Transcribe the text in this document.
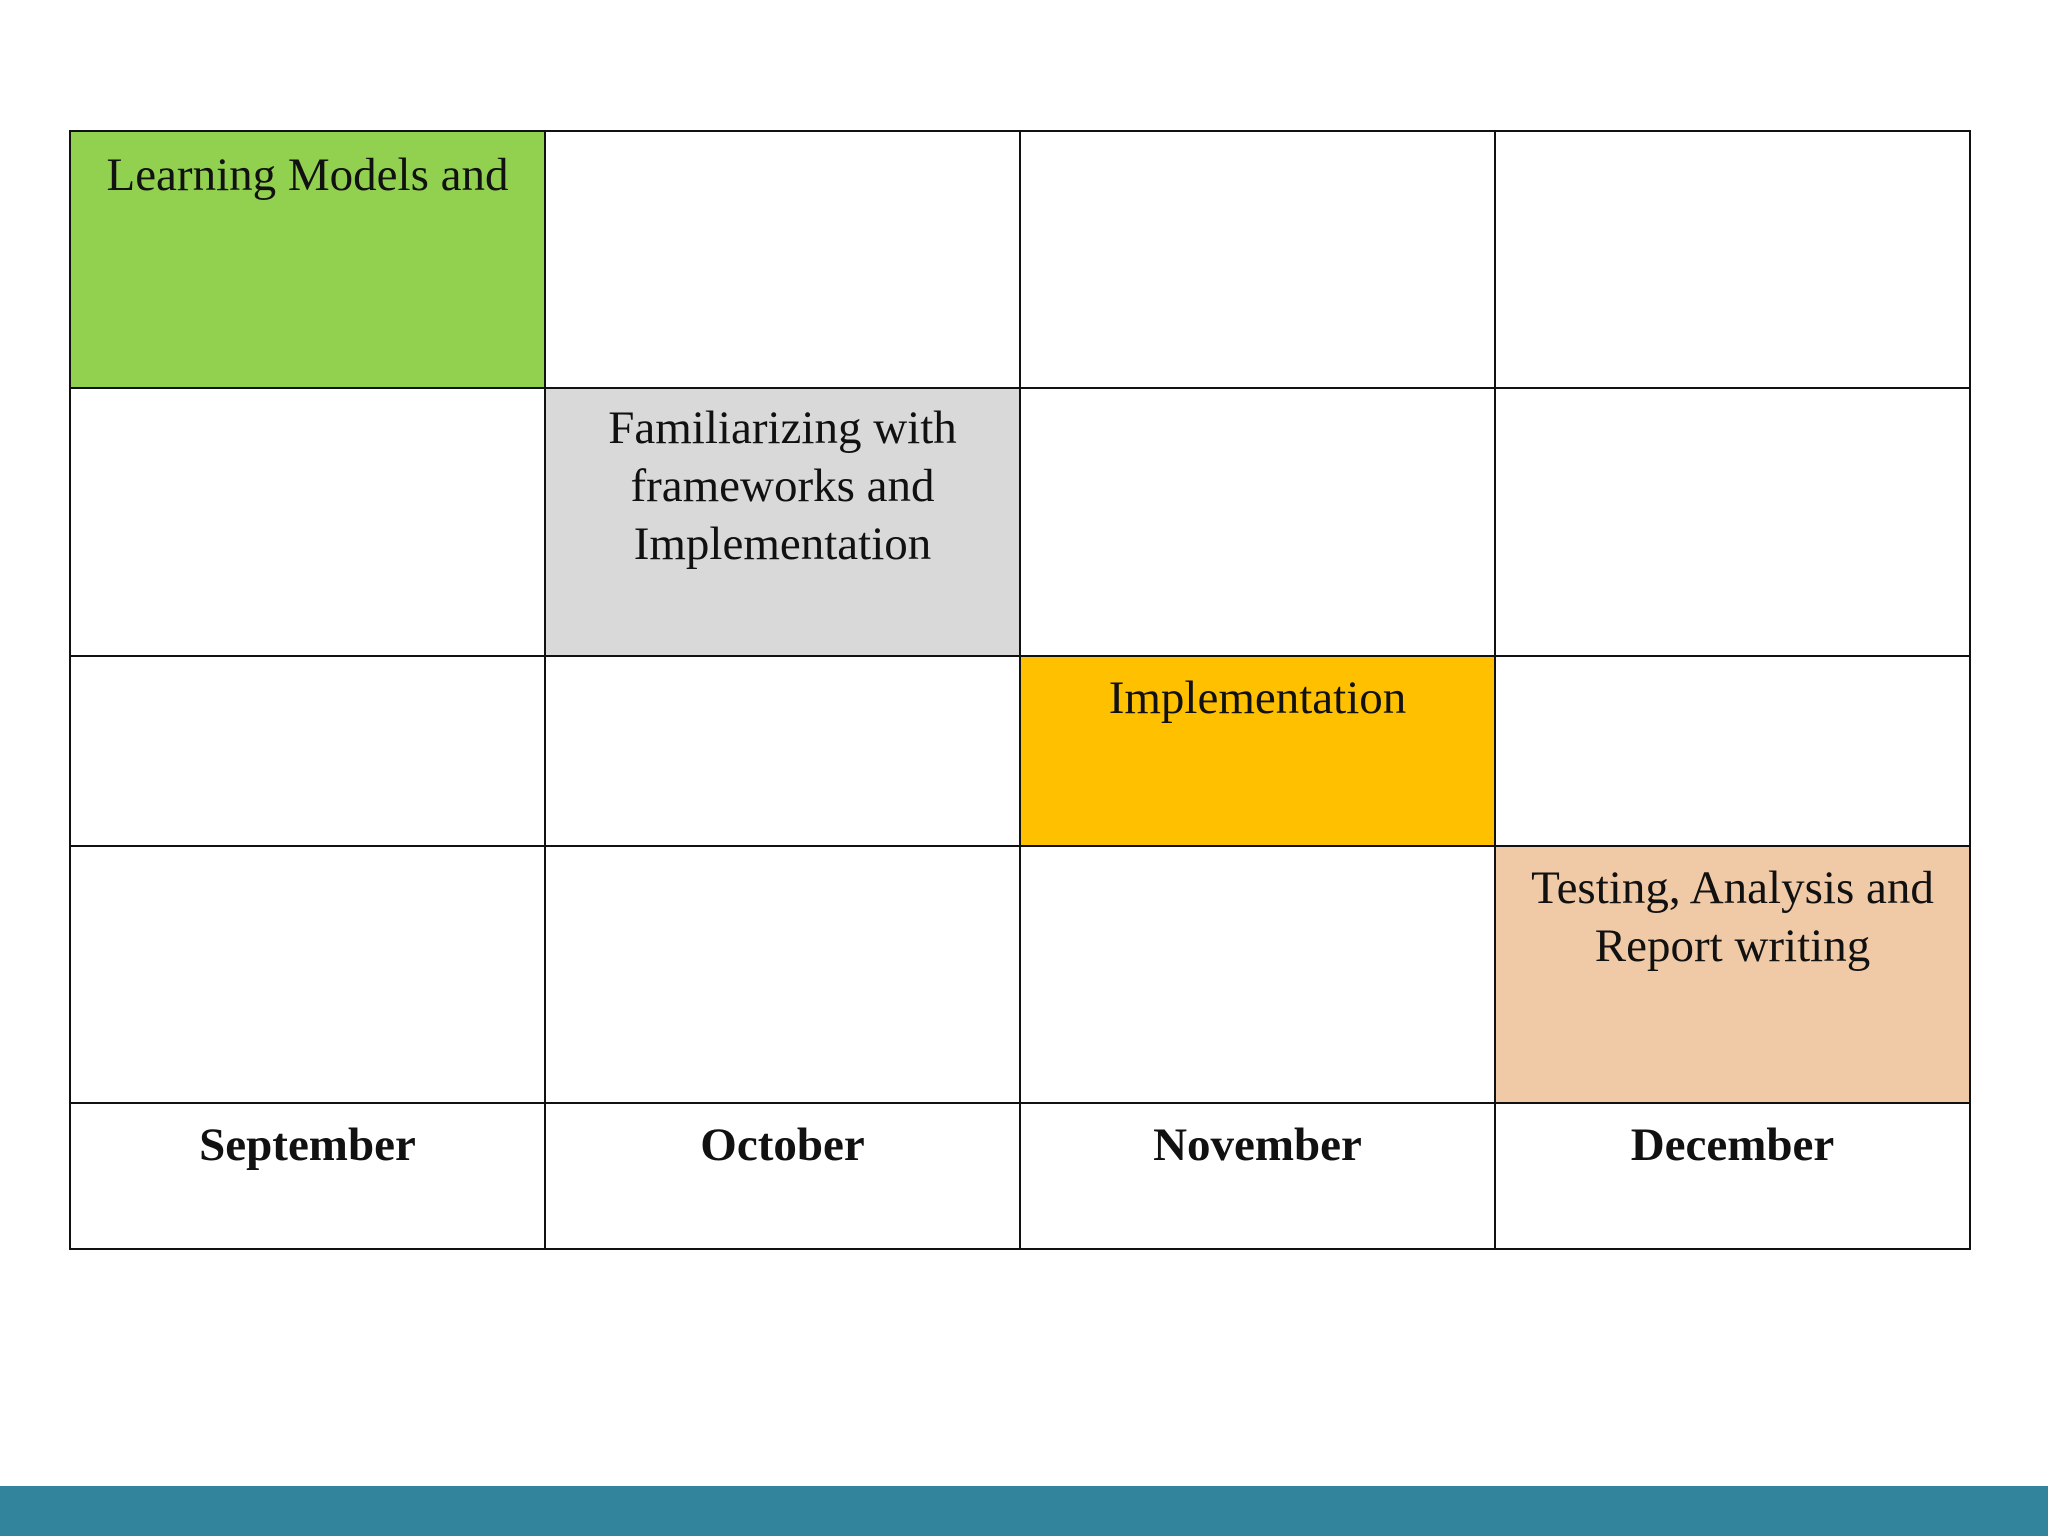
Learning Models and			

	Familiarizing with frameworks and Implementation		

		Implementation	

			Testing, Analysis and Report writing

September	October	November	December
